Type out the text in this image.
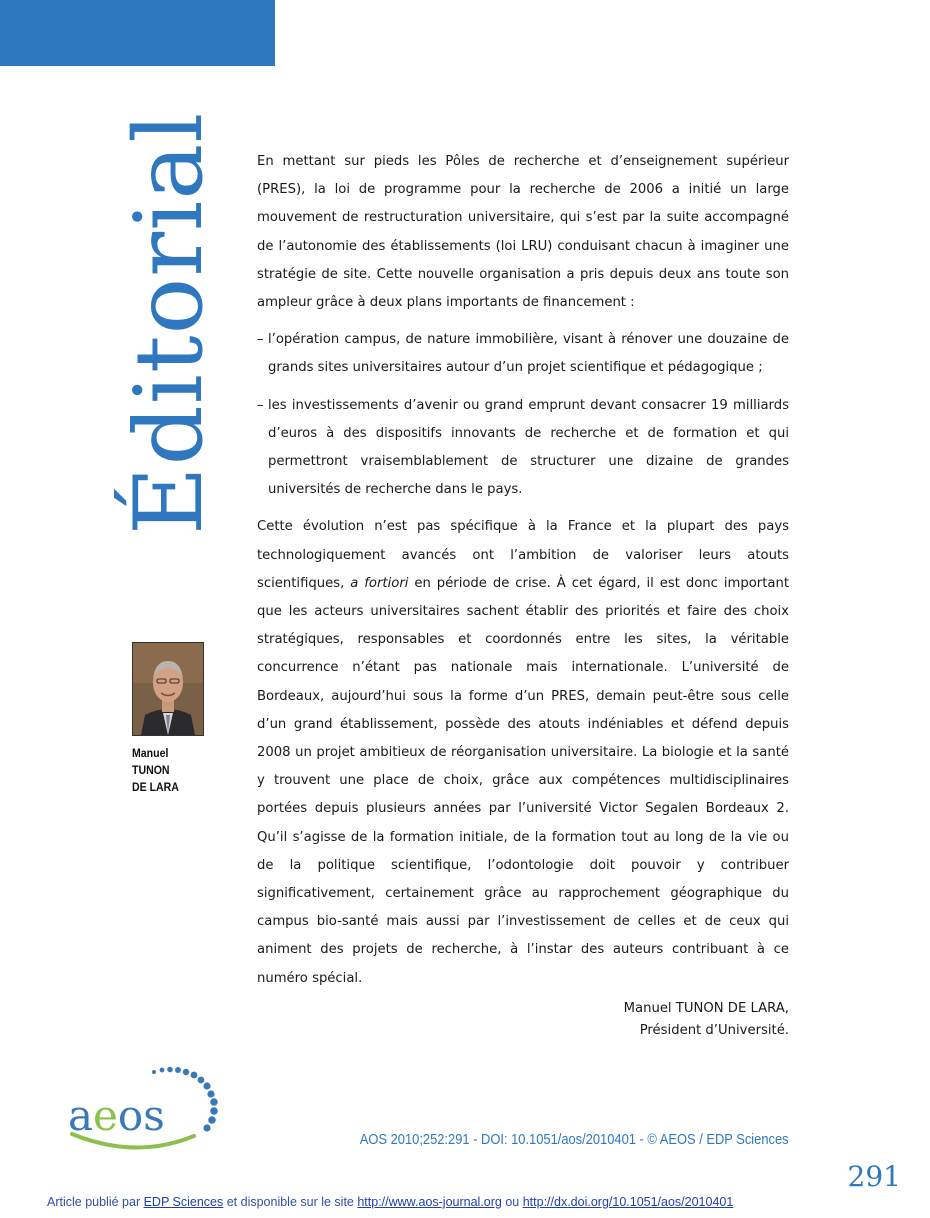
Éditorial
Manuel
TUNON
DE LARA

En mettant sur pieds les Pôles de recherche et d’enseignement supérieur (PRES), la loi de programme pour la recherche de 2006 a initié un large mouvement de restructuration universitaire, qui s’est par la suite accompagné de l’autonomie des établissements (loi LRU) conduisant chacun à imaginer une stratégie de site. Cette nouvelle organisation a pris depuis deux ans toute son ampleur grâce à deux plans importants de financement :

– l’opération campus, de nature immobilière, visant à rénover une douzaine de grands sites universitaires autour d’un projet scientifique et pédagogique ;
– les investissements d’avenir ou grand emprunt devant consacrer 19 milliards d’euros à des dispositifs innovants de recherche et de formation et qui permettront vraisemblablement de structurer une dizaine de grandes universités de recherche dans le pays.

Cette évolution n’est pas spécifique à la France et la plupart des pays technologiquement avancés ont l’ambition de valoriser leurs atouts scientifiques, a fortiori en période de crise. À cet égard, il est donc important que les acteurs universitaires sachent établir des priorités et faire des choix stratégiques, responsables et coordonnés entre les sites, la véritable concurrence n’étant pas nationale mais internationale. L’université de Bordeaux, aujourd’hui sous la forme d’un PRES, demain peut-être sous celle d’un grand établissement, possède des atouts indéniables et défend depuis 2008 un projet ambitieux de réorganisation universitaire. La biologie et la santé y trouvent une place de choix, grâce aux compétences multidisciplinaires portées depuis plusieurs années par l’université Victor Segalen Bordeaux 2. Qu’il s’agisse de la formation initiale, de la formation tout au long de la vie ou de la politique scientifique, l’odontologie doit pouvoir y contribuer significativement, certainement grâce au rapprochement géographique du campus bio-santé mais aussi par l’investissement de celles et de ceux qui animent des projets de recherche, à l’instar des auteurs contribuant à ce numéro spécial.

Manuel TUNON DE LARA,
Président d’Université.
aeos	AOS 2010;252:291 - DOI: 10.1051/aos/2010401 - © AEOS / EDP Sciences
291
Article publié par EDP Sciences et disponible sur le site http://www.aos-journal.org ou http://dx.doi.org/10.1051/aos/2010401
